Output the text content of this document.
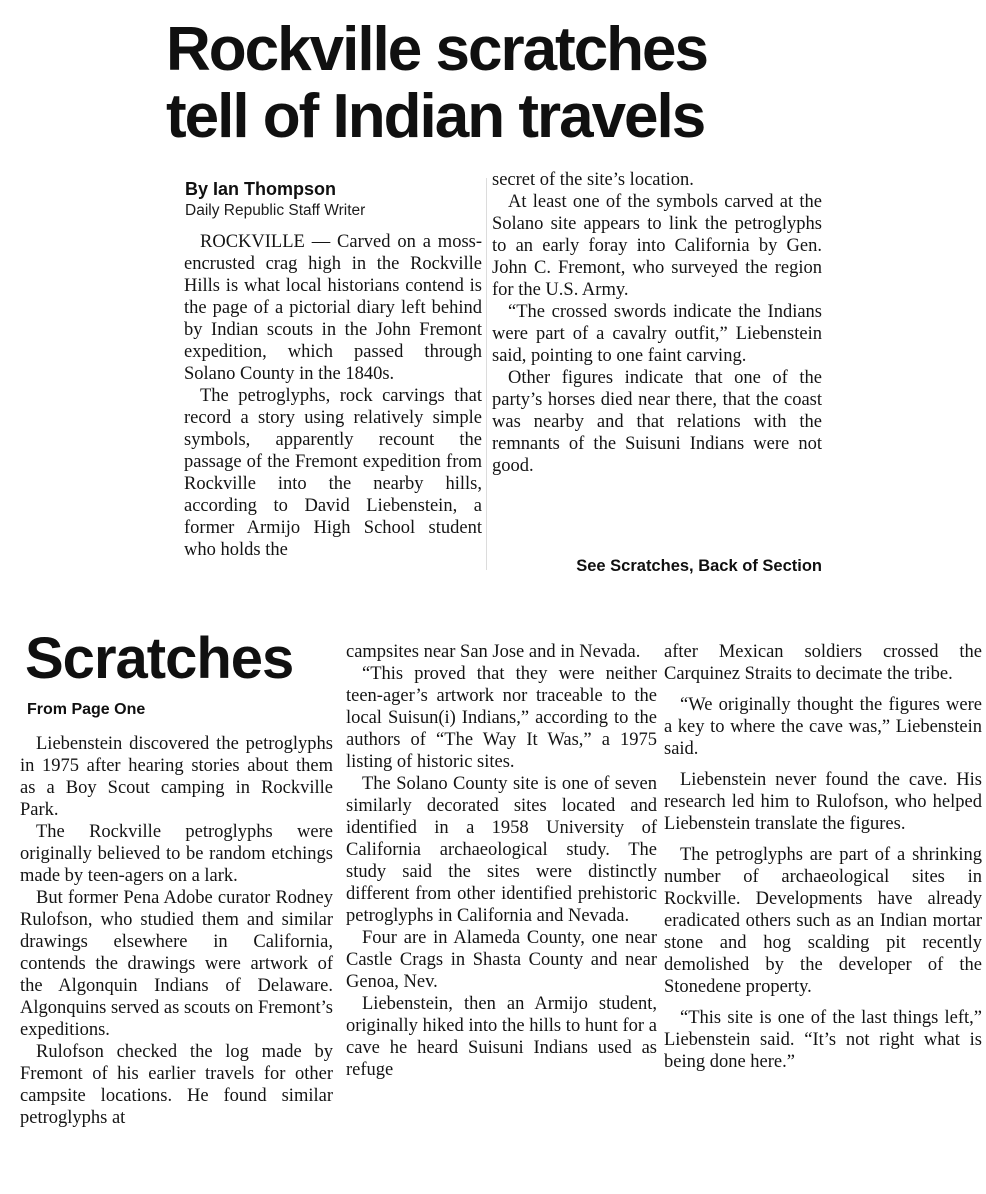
Rockville scratches
tell of Indian travels
By Ian Thompson
Daily Republic Staff Writer

ROCKVILLE — Carved on a moss-encrusted crag high in the Rockville Hills is what local historians contend is the page of a pictorial diary left behind by Indian scouts in the John Fremont expedition, which passed through Solano County in the 1840s.

The petroglyphs, rock carvings that record a story using relatively simple symbols, apparently recount the passage of the Fremont expedition from Rockville into the nearby hills, according to David Liebenstein, a former Armijo High School student who holds the

secret of the site’s location.

At least one of the symbols carved at the Solano site appears to link the petroglyphs to an early foray into California by Gen. John C. Fremont, who surveyed the region for the U.S. Army.

“The crossed swords indicate the Indians were part of a cavalry outfit,” Liebenstein said, pointing to one faint carving.

Other figures indicate that one of the party’s horses died near there, that the coast was nearby and that relations with the remnants of the Suisuni Indians were not good.

See Scratches, Back of Section
Scratches
From Page One

Liebenstein discovered the petroglyphs in 1975 after hearing stories about them as a Boy Scout camping in Rockville Park.

The Rockville petroglyphs were originally believed to be random etchings made by teen-agers on a lark.

But former Pena Adobe curator Rodney Rulofson, who studied them and similar drawings elsewhere in California, contends the drawings were artwork of the Algonquin Indians of Delaware. Algonquins served as scouts on Fremont’s expeditions.

Rulofson checked the log made by Fremont of his earlier travels for other campsite locations. He found similar petroglyphs at

campsites near San Jose and in Nevada.

“This proved that they were neither teen-ager’s artwork nor traceable to the local Suisun(i) Indians,” according to the authors of “The Way It Was,” a 1975 listing of historic sites.

The Solano County site is one of seven similarly decorated sites located and identified in a 1958 University of California archaeological study. The study said the sites were distinctly different from other identified prehistoric petroglyphs in California and Nevada.

Four are in Alameda County, one near Castle Crags in Shasta County and near Genoa, Nev.

Liebenstein, then an Armijo student, originally hiked into the hills to hunt for a cave he heard Suisuni Indians used as refuge

after Mexican soldiers crossed the Carquinez Straits to decimate the tribe.

“We originally thought the figures were a key to where the cave was,” Liebenstein said.

Liebenstein never found the cave. His research led him to Rulofson, who helped Liebenstein translate the figures.

The petroglyphs are part of a shrinking number of archaeological sites in Rockville. Developments have already eradicated others such as an Indian mortar stone and hog scalding pit recently demolished by the developer of the Stonedene property.

“This site is one of the last things left,” Liebenstein said. “It’s not right what is being done here.”
